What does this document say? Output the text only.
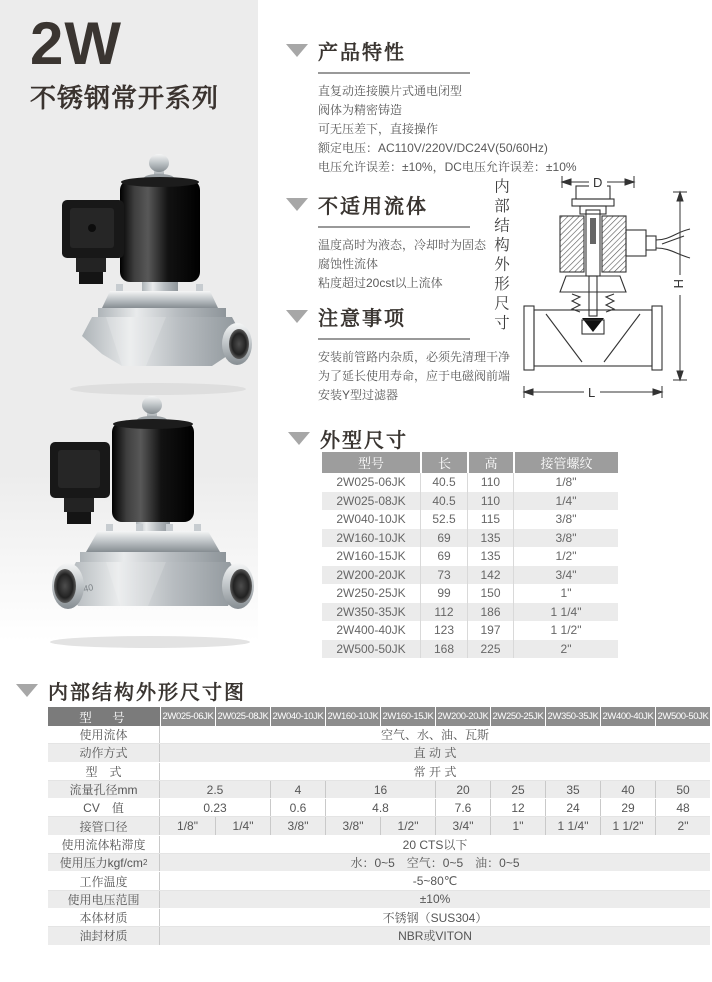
2W
不锈钢常开系列
40
产品特性
直复动连接膜片式通电闭型
阀体为精密铸造
可无压差下，直接操作
额定电压：AC110V/220V/DC24V(50/60Hz)
电压允许误差：±10%，DC电压允许误差：±10%
不适用流体
温度高时为液态，冷却时为固态
腐蚀性流体
粘度超过20cst以上流体
注意事项
安装前管路内杂质，必须先清理干净
为了延长使用寿命，应于电磁阀前端
安装Y型过滤器
内部结构外形尺寸	D
H
L
外型尺寸
型号	长	高	接管螺纹
2W025-06JK	40.5	110	1/8"
2W025-08JK	40.5	110	1/4"
2W040-10JK	52.5	115	3/8"
2W160-10JK	69	135	3/8"
2W160-15JK	69	135	1/2"
2W200-20JK	73	142	3/4"
2W250-25JK	99	150	1"
2W350-35JK	112	186	1 1/4"
2W400-40JK	123	197	1 1/2"
2W500-50JK	168	225	2"
内部结构外形尺寸图
型　号	2W025-06JK 2W025-08JK 2W040-10JK 2W160-10JK 2W160-15JK 2W200-20JK 2W250-25JK 2W350-35JK 2W400-40JK 2W500-50JK
使用流体	空气、水、油、瓦斯
动作方式	直 动 式
型　式	常 开 式
流量孔径mm	2.5	4	16	20	25	35	40	50
CV　值	0.23	0.6	4.8	7.6	12	24	29	48
接管口径	1/8"	1/4"	3/8"	3/8"	1/2"	3/4"	1"	1 1/4"	1 1/2"	2"
使用流体粘滞度	20 CTS以下
使用压力kgf/cm 2	水：0~5　空气：0~5　油：0~5
工作温度	-5~80℃
使用电压范围	±10%
本体材质	不锈钢（SUS304）
油封材质	NBR或VITON
